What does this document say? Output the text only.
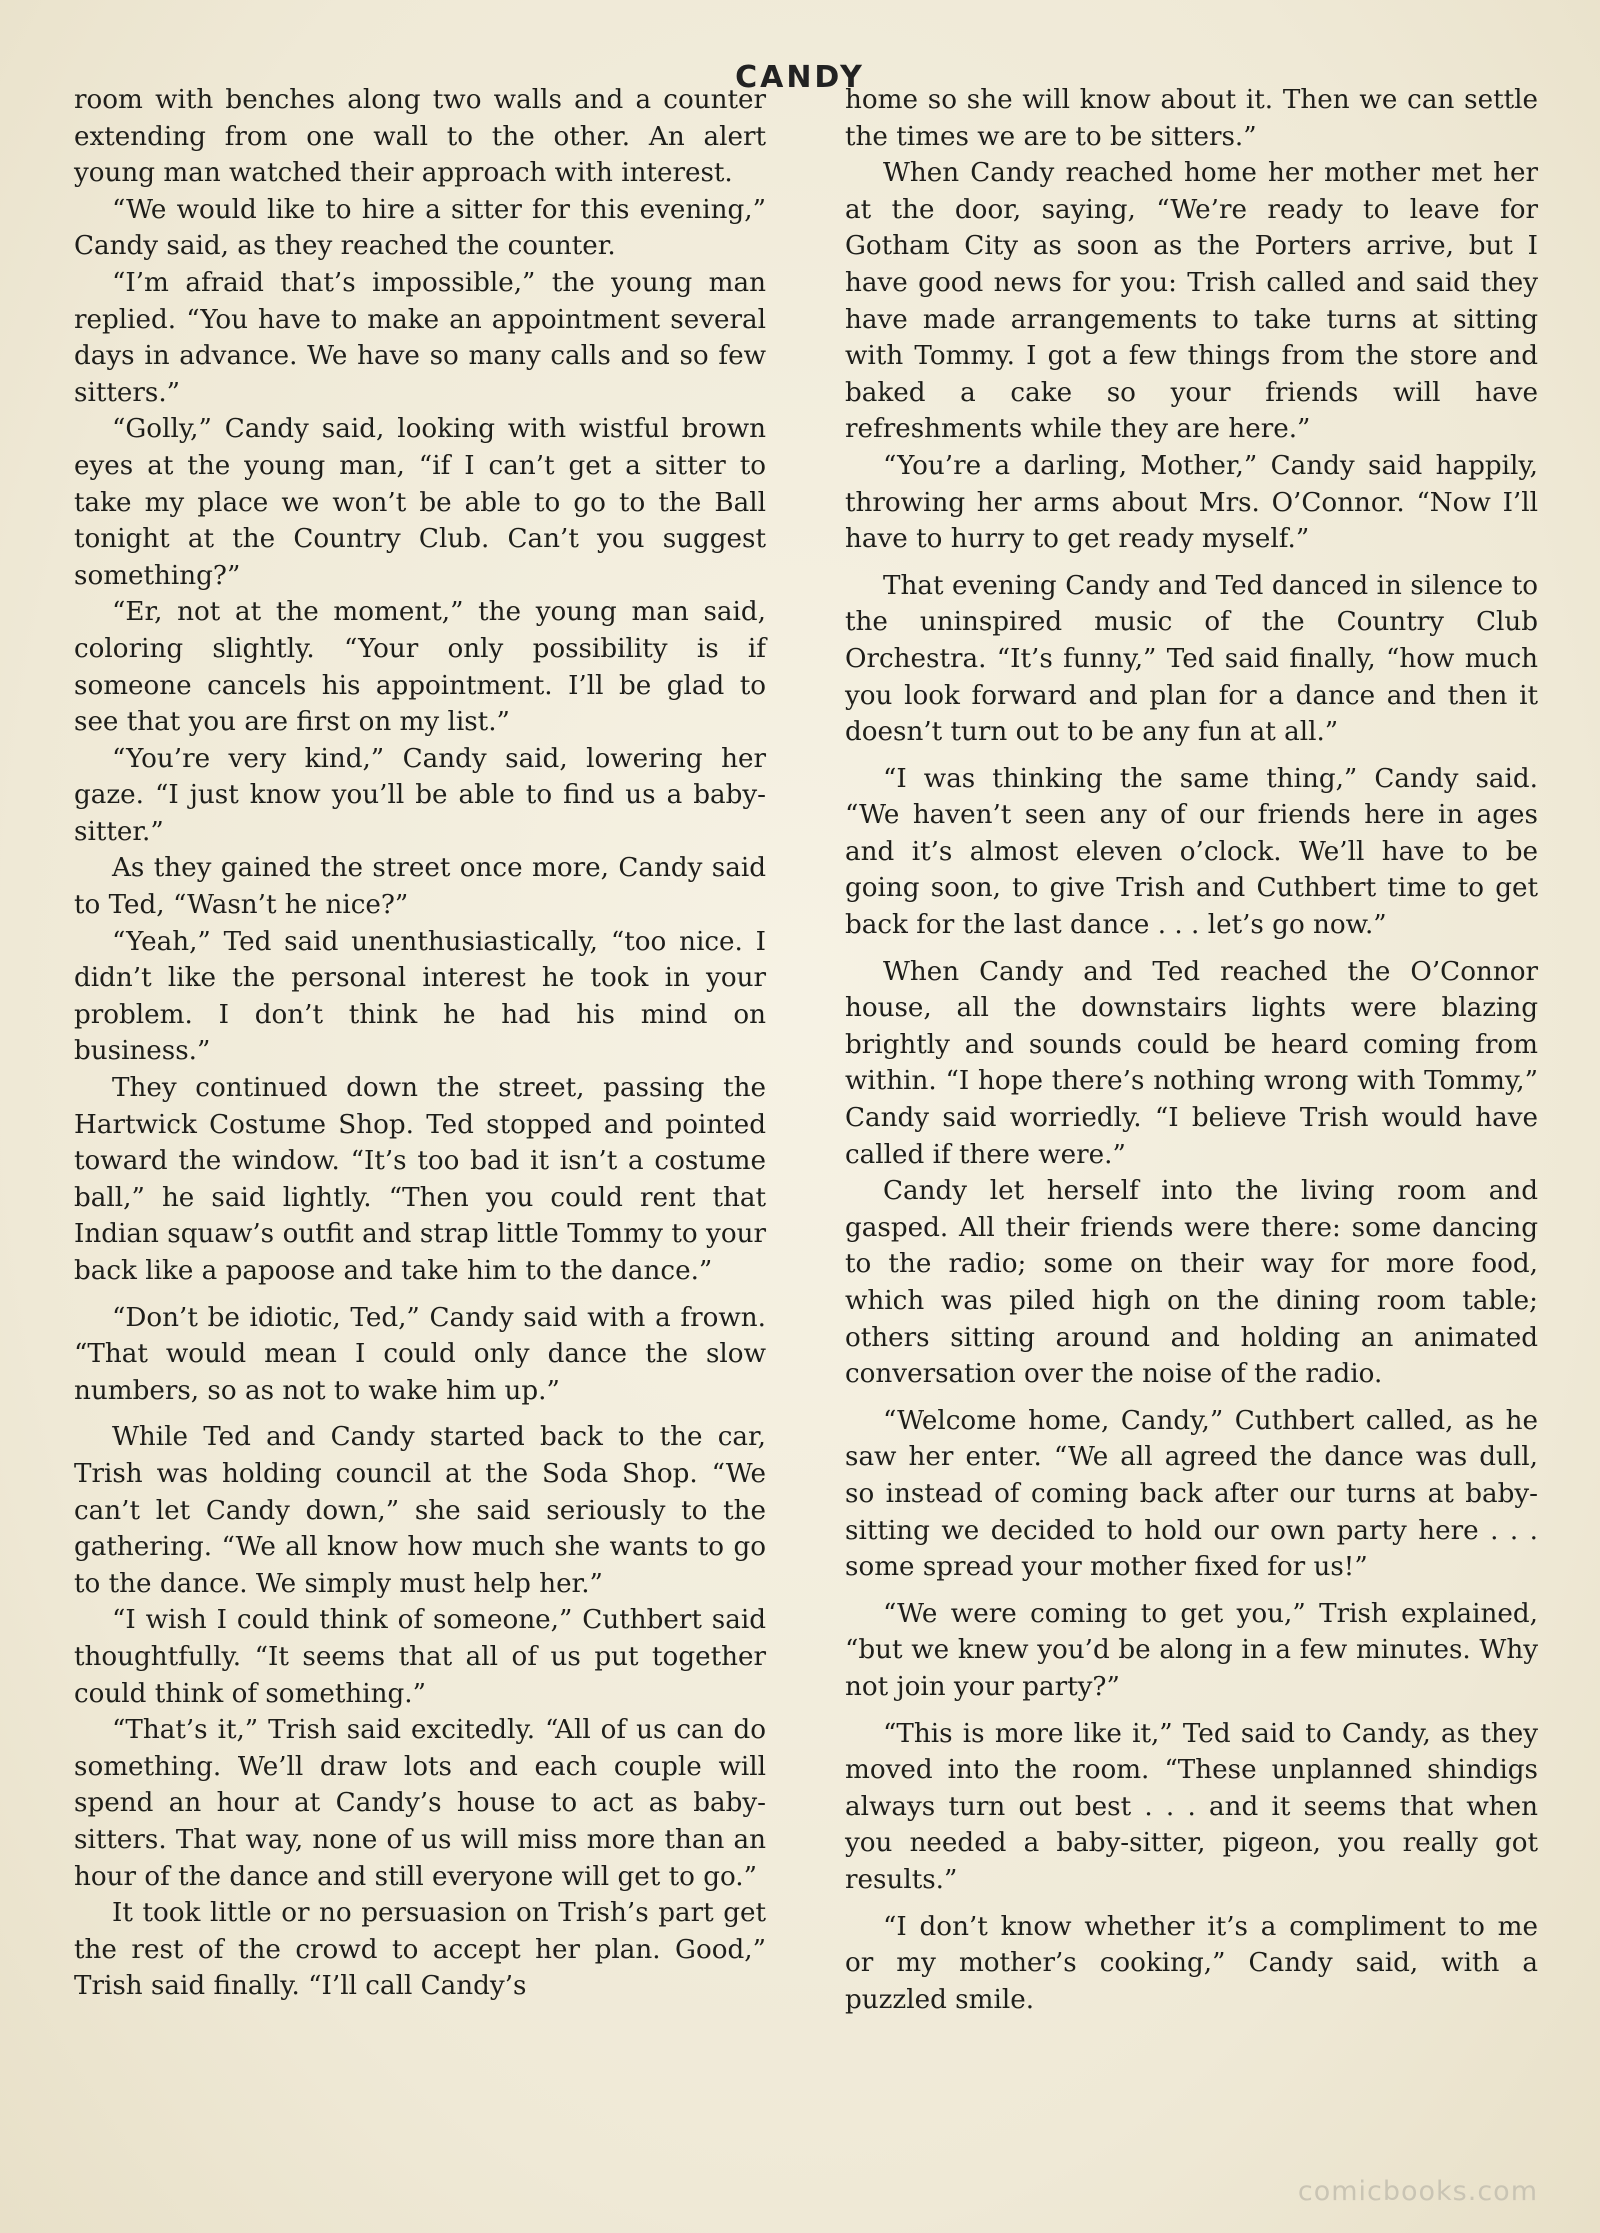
CANDY

room with benches along two walls and a counter extending from one wall to the other. An alert young man watched their approach with interest.

“We would like to hire a sitter for this evening,” Candy said, as they reached the counter.

“I’m afraid that’s impossible,” the young man replied. “You have to make an appointment several days in advance. We have so many calls and so few sitters.”

“Golly,” Candy said, looking with wistful brown eyes at the young man, “if I can’t get a sitter to take my place we won’t be able to go to the Ball tonight at the Country Club. Can’t you suggest something?”

“Er, not at the moment,” the young man said, coloring slightly. “Your only possibility is if someone cancels his appointment. I’ll be glad to see that you are first on my list.”

“You’re very kind,” Candy said, lowering her gaze. “I just know you’ll be able to find us a baby-sitter.”

As they gained the street once more, Candy said to Ted, “Wasn’t he nice?”

“Yeah,” Ted said unenthusiastically, “too nice. I didn’t like the personal interest he took in your problem. I don’t think he had his mind on business.”

They continued down the street, passing the Hartwick Costume Shop. Ted stopped and pointed toward the window. “It’s too bad it isn’t a costume ball,” he said lightly. “Then you could rent that Indian squaw’s outfit and strap little Tommy to your back like a papoose and take him to the dance.”

“Don’t be idiotic, Ted,” Candy said with a frown. “That would mean I could only dance the slow numbers, so as not to wake him up.”

While Ted and Candy started back to the car, Trish was holding council at the Soda Shop. “We can’t let Candy down,” she said seriously to the gathering. “We all know how much she wants to go to the dance. We simply must help her.”

“I wish I could think of someone,” Cuthbert said thoughtfully. “It seems that all of us put together could think of something.”

“That’s it,” Trish said excitedly. “All of us can do something. We’ll draw lots and each couple will spend an hour at Candy’s house to act as baby-sitters. That way, none of us will miss more than an hour of the dance and still everyone will get to go.”

It took little or no persuasion on Trish’s part get the rest of the crowd to accept her plan. Good,” Trish said finally. “I’ll call Candy’s

home so she will know about it. Then we can settle the times we are to be sitters.”

When Candy reached home her mother met her at the door, saying, “We’re ready to leave for Gotham City as soon as the Porters arrive, but I have good news for you: Trish called and said they have made arrangements to take turns at sitting with Tommy. I got a few things from the store and baked a cake so your friends will have refreshments while they are here.”

“You’re a darling, Mother,” Candy said happily, throwing her arms about Mrs. O’Connor. “Now I’ll have to hurry to get ready myself.”

That evening Candy and Ted danced in silence to the uninspired music of the Country Club Orchestra. “It’s funny,” Ted said finally, “how much you look forward and plan for a dance and then it doesn’t turn out to be any fun at all.”

“I was thinking the same thing,” Candy said. “We haven’t seen any of our friends here in ages and it’s almost eleven o’clock. We’ll have to be going soon, to give Trish and Cuthbert time to get back for the last dance . . . let’s go now.”

When Candy and Ted reached the O’Connor house, all the downstairs lights were blazing brightly and sounds could be heard coming from within. “I hope there’s nothing wrong with Tommy,” Candy said worriedly. “I believe Trish would have called if there were.”

Candy let herself into the living room and gasped. All their friends were there: some dancing to the radio; some on their way for more food, which was piled high on the dining room table; others sitting around and holding an animated conversation over the noise of the radio.

“Welcome home, Candy,” Cuthbert called, as he saw her enter. “We all agreed the dance was dull, so instead of coming back after our turns at baby-sitting we decided to hold our own party here . . . some spread your mother fixed for us!”

“We were coming to get you,” Trish explained, “but we knew you’d be along in a few minutes. Why not join your party?”

“This is more like it,” Ted said to Candy, as they moved into the room. “These unplanned shindigs always turn out best . . . and it seems that when you needed a baby-sitter, pigeon, you really got results.”

“I don’t know whether it’s a compliment to me or my mother’s cooking,” Candy said, with a puzzled smile.

comicbooks.com
